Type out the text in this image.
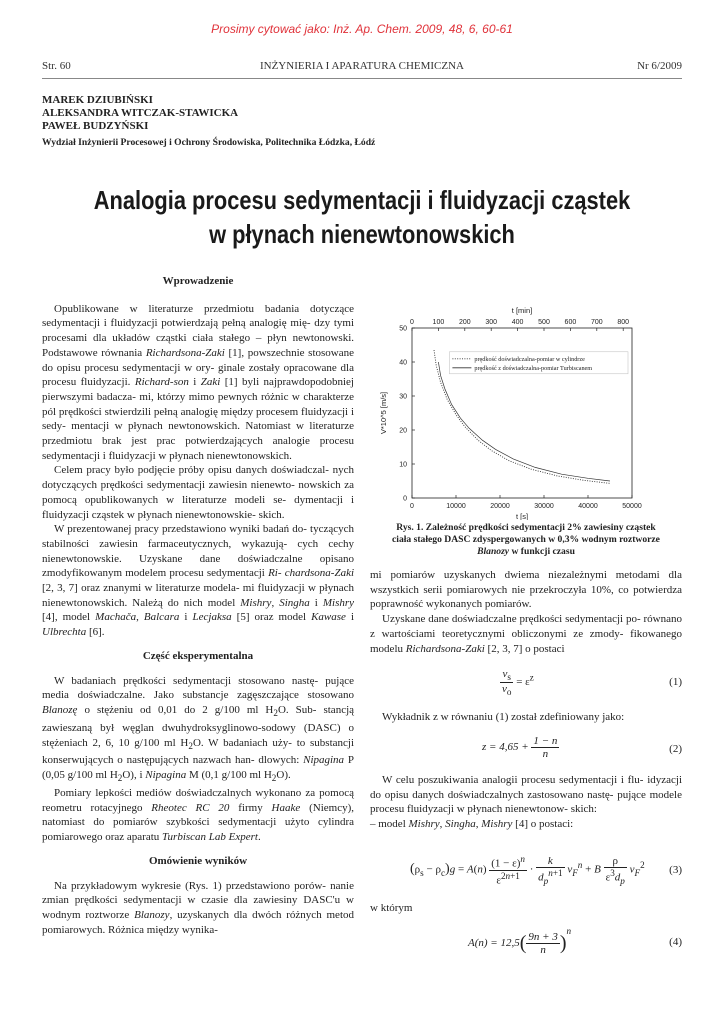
Prosimy cytować jako: Inż. Ap. Chem. 2009, 48, 6, 60-61
Str. 60	INŻYNIERIA I APARATURA CHEMICZNA	Nr 6/2009
MAREK DZIUBIŃSKI
ALEKSANDRA WITCZAK-STAWICKA
PAWEŁ BUDZYŃSKI
Wydział Inżynierii Procesowej i Ochrony Środowiska, Politechnika Łódzka, Łódź
Analogia procesu sedymentacji i fluidyzacji cząstek
w płynach nienewtonowskich
Wprowadzenie

Opublikowane w literaturze przedmiotu badania dotyczące sedymentacji i fluidyzacji potwierdzają pełną analogię mię- dzy tymi procesami dla układów cząstki ciała stałego – płyn newtonowski. Podstawowe równania Richardsona-Zaki [1], powszechnie stosowane do opisu procesu sedymentacji w ory- ginale zostały opracowane dla procesu fluidyzacji. Richard-son i Zaki [1] byli najprawdopodobniej pierwszymi badacza- mi, którzy mimo pewnych różnic w charakterze pól prędkości stwierdzili pełną analogię między procesem fluidyzacji i sedy- mentacji w płynach newtonowskich. Natomiast w literaturze przedmiotu brak jest prac potwierdzających analogie procesu sedymentacji i fluidyzacji w płynach nienewtonowskich.

Celem pracy było podjęcie próby opisu danych doświadczal- nych dotyczących prędkości sedymentacji zawiesin nienewto- nowskich za pomocą opublikowanych w literaturze modeli se- dymentacji i fluidyzacji cząstek w płynach nienewtonowskie- skich.

W prezentowanej pracy przedstawiono wyniki badań do- tyczących stabilności zawiesin farmaceutycznych, wykazują- cych cechy nienewtonowskie. Uzyskane dane doświadczalne opisano zmodyfikowanym modelem procesu sedymentacji Ri- chardsona-Zaki [2, 3, 7] oraz znanymi w literaturze modela- mi fluidyzacji w płynach nienewtonowskich. Należą do nich model Mishry, Singha i Mishry [4], model Machača, Balcara i Lecjaksa [5] oraz model Kawase i Ulbrechta [6].

Część eksperymentalna

W badaniach prędkości sedymentacji stosowano nastę- pujące media doświadczalne. Jako substancje zagęszczające stosowano Blanozę o stężeniu od 0,01 do 2 g/100 ml $H_2O$. Sub- stancją zawieszaną był węglan dwuhydroksyglinowo-sodowy (DASC) o stężeniach 2, 6, 10 g/100 ml $H_2O$. W badaniach uży- to substancji konserwujących o następujących nazwach han- dlowych: Nipagina P (0,05 g/100 ml $H_2O$), i Nipagina M (0,1 g/100 ml $H_2O$).

Pomiary lepkości mediów doświadczalnych wykonano za pomocą reometru rotacyjnego Rheotec RC 20 firmy Haake (Niemcy), natomiast do pomiarów szybkości sedymentacji użyto cylindra pomiarowego oraz aparatu Turbiscan Lab Expert.

Omówienie wyników

Na przykładowym wykresie (Rys. 1) przedstawiono porów- nanie zmian prędkości sedymentacji w czasie dla zawiesiny DASC'u w wodnym roztworze Blanozy, uzyskanych dla dwóch różnych metod pomiarowych. Różnica między wynika-

0	10000	20000	30000	40000	50000
0
10
20
30
40
50
0	100 200 300 400 500 600 700 800
t [min]
t [s]
V*10^5 [m/s]
prędkość doświadczalna-pomiar w cylindrze
prędkość z doświadczalna-pomiar Turbiscanem
Rys. 1. Zależność prędkości sedymentacji 2% zawiesiny cząstek
ciała stałego DASC zdyspergowanych w 0,3% wodnym roztworze
Blanozy w funkcji czasu

mi pomiarów uzyskanych dwiema niezależnymi metodami dla wszystkich serii pomiarowych nie przekroczyła 10%, co potwierdza poprawność wykonanych pomiarów.

Uzyskane dane doświadczalne prędkości sedymentacji po- równano z wartościami teoretycznymi obliczonymi ze zmody- fikowanego modelu Richardsona-Zaki [2, 3, 7] o postaci

$\frac{v_s}{v_o} = \varepsilon^z$	(1)

Wykładnik z w równaniu (1) został zdefiniowany jako:

$z = 4,65 + \frac{1 - n}{n}$	(2)

W celu poszukiwania analogii procesu sedymentacji i flu- idyzacji do opisu danych doświadczalnych zastosowano nastę- pujące modele procesu fluidyzacji w płynach nienewtonow- skich:

– model Mishry, Singha, Mishry [4] o postaci:

$(\rho_s - \rho_c)g = A(n) \frac{(1 - \varepsilon)^n}{\varepsilon^{2n+1}} \cdot \frac{k}{d_p^{n+1}} v_F^n + B \frac{\rho}{\varepsilon^3d_p} v_F^2$ (3)

w którym

$A(n) = 12,5( \frac{9n + 3}{n} )^n$
(4)
